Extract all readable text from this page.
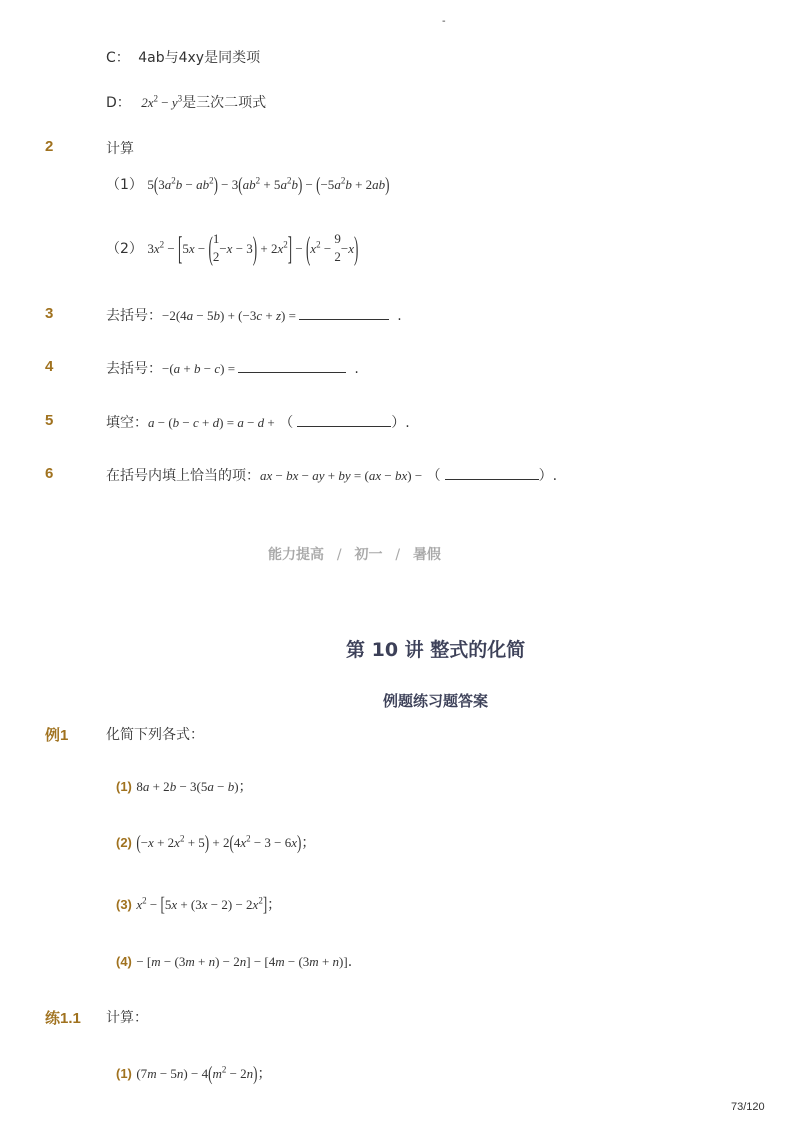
-
C： 4ab与4xy是同类项
D： $2x^2 - y^3$是三次二项式
2	计算
（1） $5(3a^2b - ab^2) - 3(ab^2 + 5a^2b) - (-5a^2b + 2ab)$
（2） $3x^2 - [5x$ − ( 1
2
$-x - 3) + 2x^2] - (x^2$ −
9
2
−x)
3	去括号：−2(4a − 5b) + (−3c + z) =	.
4	去括号：−(a + b − c) =	.
5	填空：a − (b − c + d) = a − d + （	）.
6	在括号内填上恰当的项：ax − bx − ay + by = (ax − bx) − （	）.
能力提高 / 初一 / 暑假
第 10 讲 整式的化简
例题练习题答案
例1	化简下列各式：
(1) 8a + 2b − 3(5a − b)；
(2) $(-x + 2x^2 + 5) + 2(4x^2 - 3 - 6x)$；
(3) $x^2 - [5x + (3x - 2) - 2x^2]$；
(4) − [m − (3m + n) − 2n] − [4m − (3m + n)].
练1.1 计算：
(1) $(7m - 5n) - 4(m^2 - 2n)$；
73/120
